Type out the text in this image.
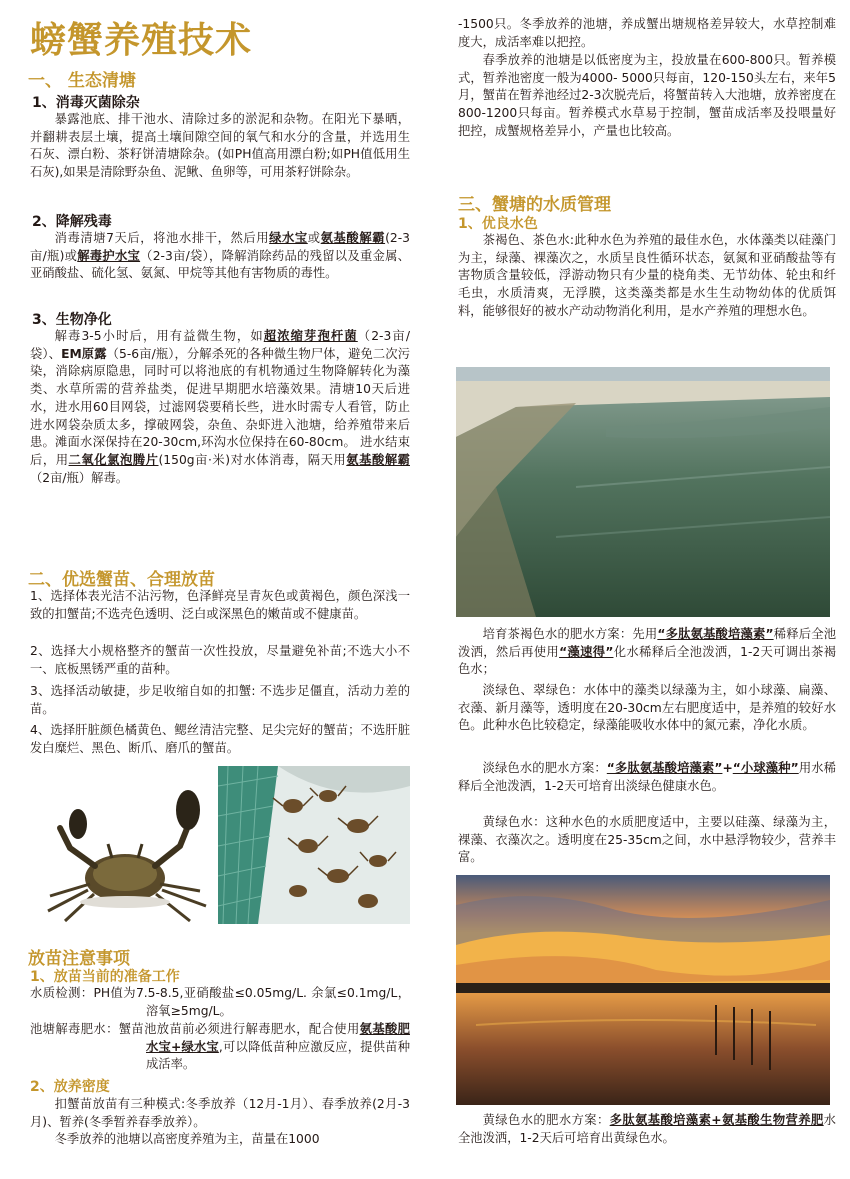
螃蟹养殖技术
一、 生态清塘
1、消毒灭菌除杂
暴露池底、排干池水、清除过多的淤泥和杂物。在阳光下暴晒，并翻耕表层土壤，提高土壤间隙空间的氧气和水分的含量，并选用生石灰、漂白粉、茶籽饼清塘除杂。(如PH值高用漂白粉;如PH值低用生石灰),如果是清除野杂鱼、泥鳅、鱼卵等，可用茶籽饼除杂。
2、降解残毒
消毒清塘7天后，将池水排干，然后用绿水宝或氨基酸解霸(2-3亩/瓶)或解毒护水宝（2-3亩/袋），降解消除药品的残留以及重金属、亚硝酸盐、硫化氢、氨氮、甲烷等其他有害物质的毒性。
3、生物净化
解毒3-5小时后，用有益微生物，如超浓缩芽孢杆菌（2-3亩/袋）、EM原露（5-6亩/瓶），分解杀死的各种微生物尸体，避免二次污染，消除病原隐患，同时可以将池底的有机物通过生物降解转化为藻类、水草所需的营养盐类，促进早期肥水培藻效果。清塘10天后进水，进水用60目网袋，过滤网袋要稍长些，进水时需专人看管，防止进水网袋杂质太多，撑破网袋，杂鱼、杂虾进入池塘，给养殖带来后患。滩面水深保持在20-30cm,环沟水位保持在60-80cm。 进水结束后，用二氧化氯泡腾片(150g亩·米)对水体消毒，隔天用氨基酸解霸（2亩/瓶）解毒。
二、优选蟹苗、合理放苗
1、选择体表光洁不沾污物，色泽鲜亮呈青灰色或黄褐色，颜色深浅一致的扣蟹苗;不选壳色透明、泛白或深黑色的嫩苗或不健康苗。
2、选择大小规格整齐的蟹苗一次性投放，尽量避免补苗;不选大小不一、底板黑锈严重的苗种。
3、选择活动敏捷，步足收缩自如的扣蟹: 不选步足僵直，活动力差的苗。
4、选择肝脏颜色橘黄色、鳃丝清洁完整、足尖完好的蟹苗；不选肝脏发白糜烂、黑色、断爪、磨爪的蟹苗。
放苗注意事项
1、放苗当前的准备工作
水质检测：PH值为7.5-8.5,亚硝酸盐≤0.05mg/L. 余氯≤0.1mg/L，溶氧≥5mg/L。
池塘解毒肥水：蟹苗池放苗前必须进行解毒肥水，配合使用氨基酸肥水宝+绿水宝,可以降低苗种应激反应，提供苗种成活率。
2、放养密度
扣蟹苗放苗有三种模式:冬季放养（12月-1月）、春季放养(2月-3月)、暂养(冬季暂养春季放养）。
冬季放养的池塘以高密度养殖为主，苗量在1000
-1500只。冬季放养的池塘，养成蟹出塘规格差异较大，水草控制难度大，成活率难以把控。
春季放养的池塘是以低密度为主，投放量在600-800只。暂养模式，暂养池密度一般为4000- 5000只每亩，120-150头左右，来年5月，蟹苗在暂养池经过2-3次脱壳后，将蟹苗转入大池塘，放养密度在800-1200只每亩。暂养模式水草易于控制，蟹苗成活率及投喂量好把控，成蟹规格差异小，产量也比较高。
三、蟹塘的水质管理
1、优良水色
茶褐色、茶色水:此种水色为养殖的最佳水色，水体藻类以硅藻门为主，绿藻、裸藻次之，水质呈良性循环状态，氨氮和亚硝酸盐等有害物质含量较低，浮游动物只有少量的桡角类、无节幼体、轮虫和纤毛虫，水质清爽，无浮膜，这类藻类都是水生生动物幼体的优质饵料，能够很好的被水产动动物消化利用，是水产养殖的理想水色。
培育茶褐色水的肥水方案：先用“多肽氨基酸培藻素”稀释后全池泼洒，然后再使用“藻速得”化水稀释后全池泼洒，1-2天可调出茶褐色水；
淡绿色、翠绿色：水体中的藻类以绿藻为主，如小球藻、扁藻、衣藻、新月藻等，透明度在20-30cm左右肥度适中，是养殖的较好水色。此种水色比较稳定，绿藻能吸收水体中的氮元素，净化水质。
淡绿色水的肥水方案：“多肽氨基酸培藻素”+“小球藻种”用水稀释后全池泼洒，1-2天可培育出淡绿色健康水色。
黄绿色水：这种水色的水质肥度适中，主要以硅藻、绿藻为主，裸藻、衣藻次之。透明度在25-35cm之间，水中悬浮物较少，营养丰富。
黄绿色水的肥水方案：多肽氨基酸培藻素+氨基酸生物营养肥水全池泼洒，1-2天后可培育出黄绿色水。
